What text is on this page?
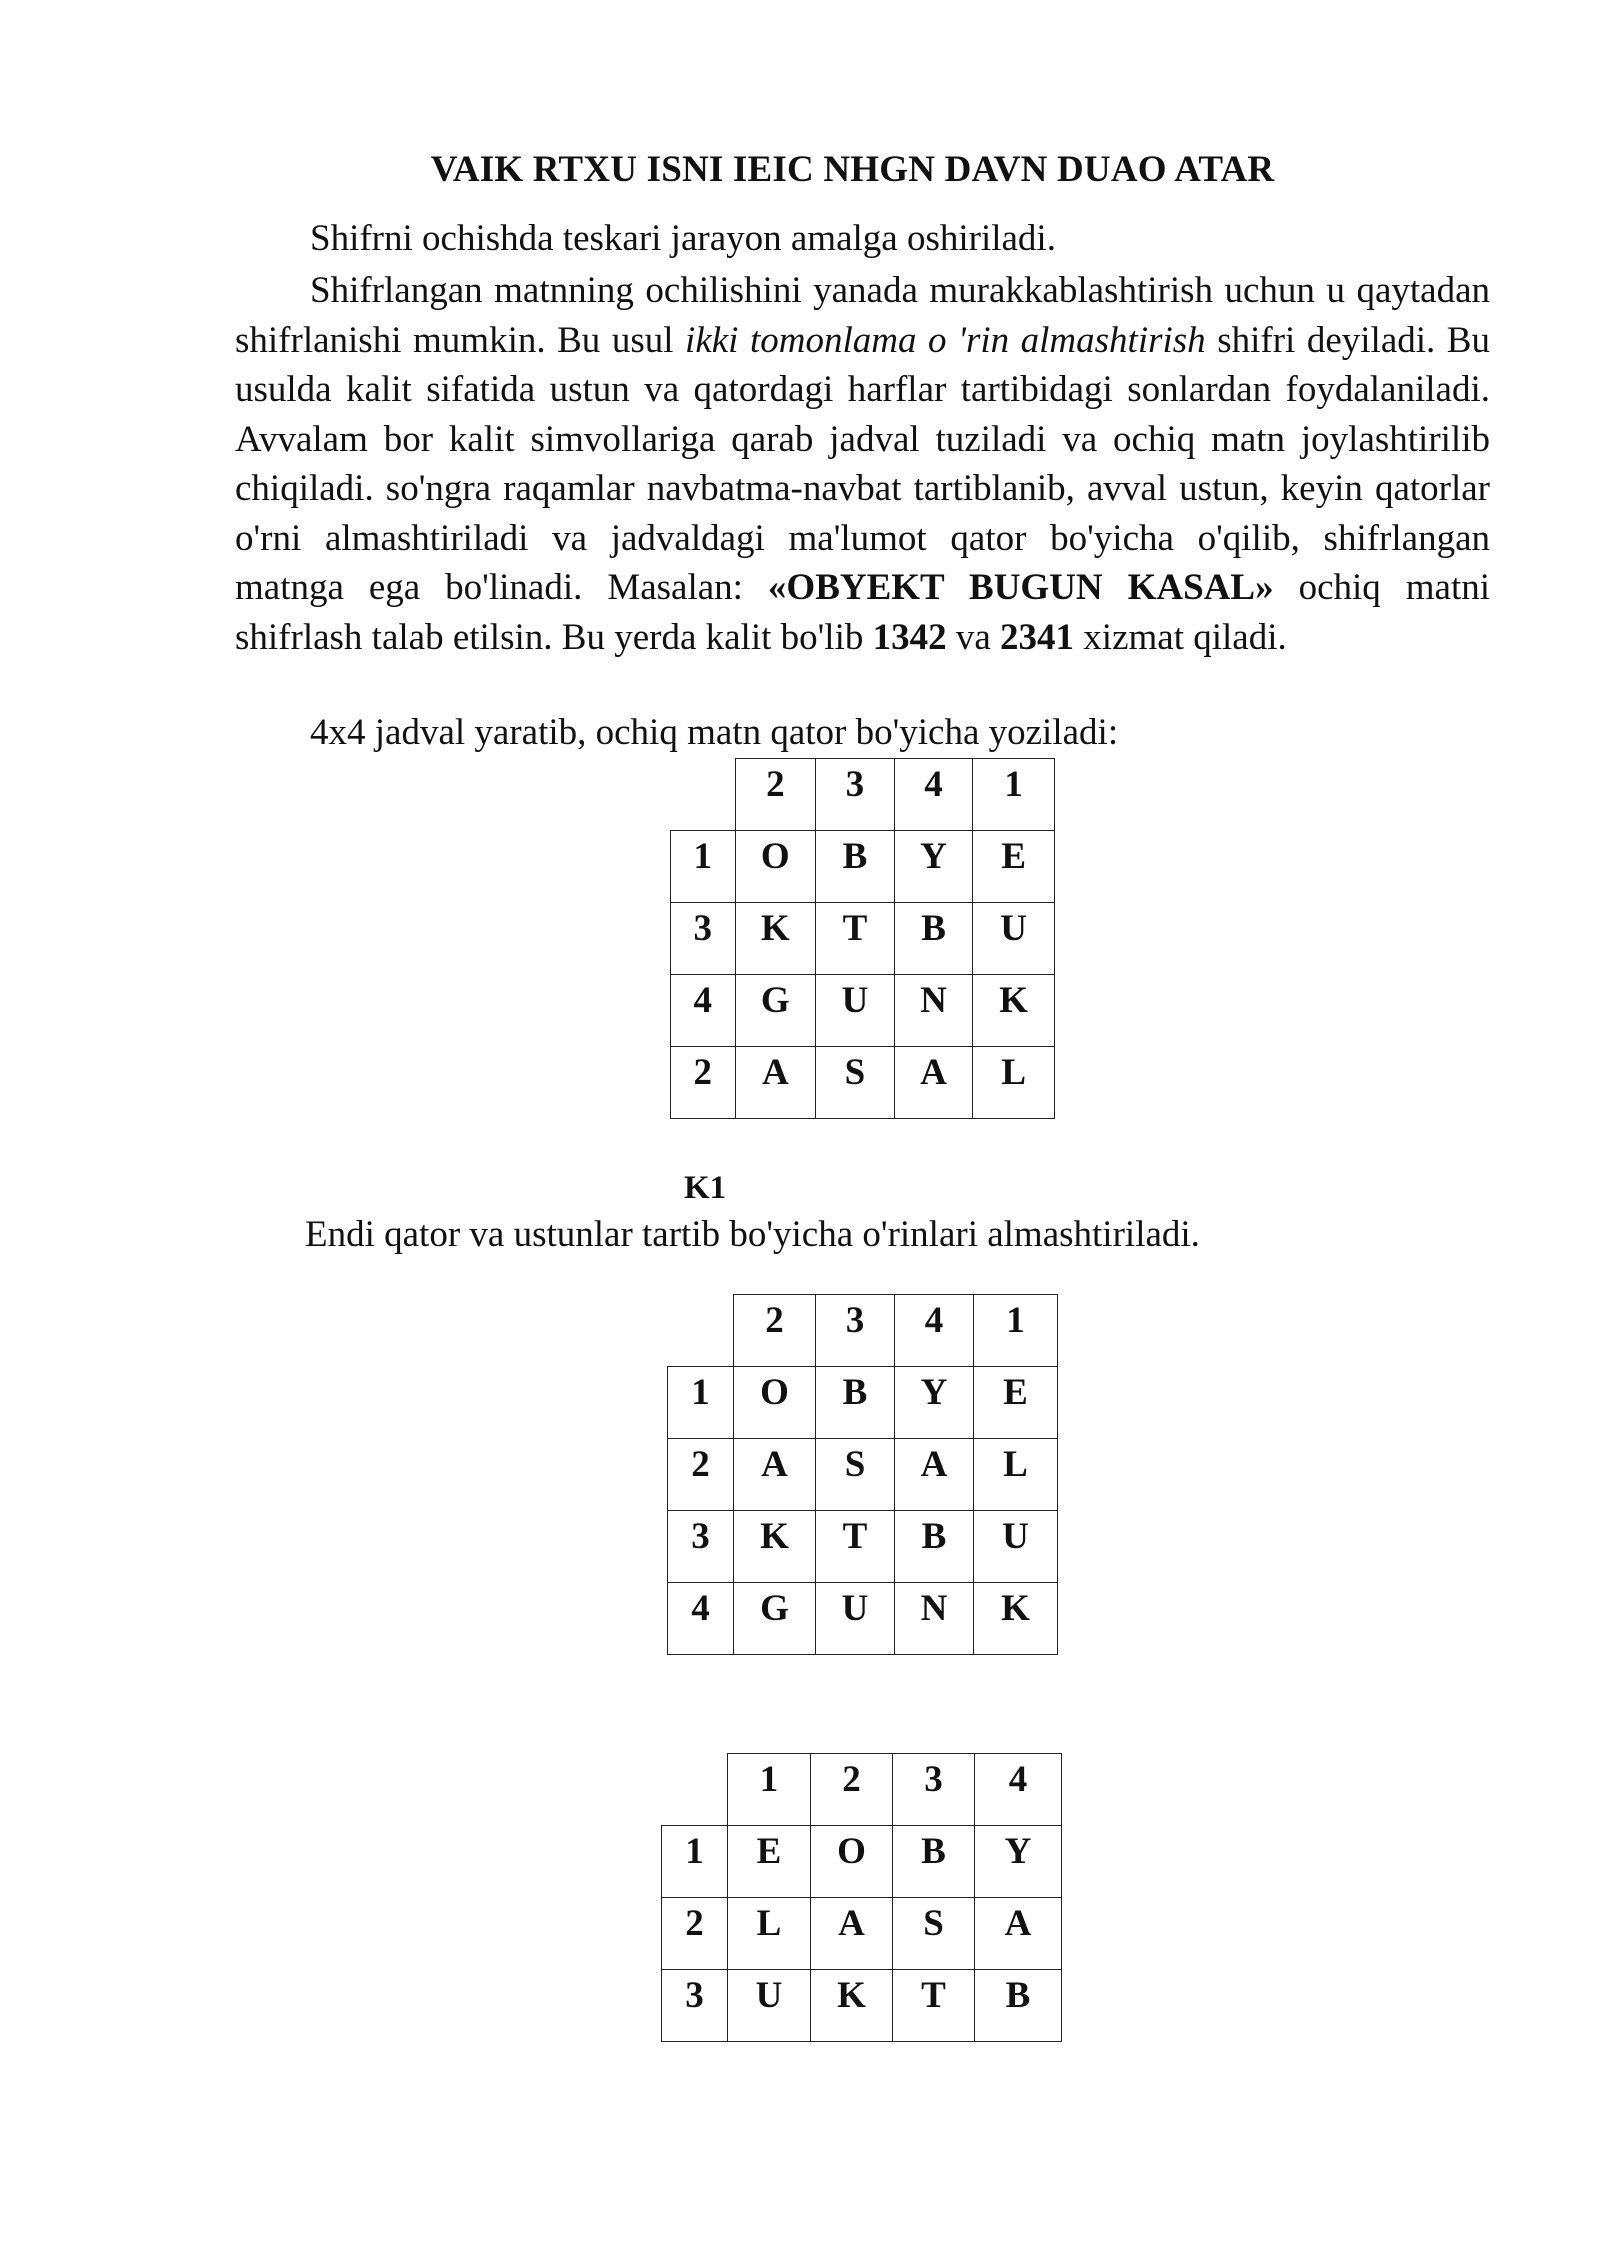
VAIK RTXU ISNI IEIC NHGN DAVN DUAO ATAR
Shifrni ochishda teskari jarayon amalga oshiriladi.
Shifrlangan matnning ochilishini yanada murakkablashtirish uchun u qaytadan shifrlanishi mumkin. Bu usul ikki tomonlama o 'rin almashtirish shifri deyiladi. Bu usulda kalit sifatida ustun va qatordagi harflar tartibidagi sonlardan foydalaniladi. Avvalam bor kalit simvollariga qarab jadval tuziladi va ochiq matn joylashtirilib chiqiladi. so'ngra raqamlar navbatma-navbat tartiblanib, avval ustun, keyin qatorlar o'rni almashtiriladi va jadvaldagi ma'lumot qator bo'yicha o'qilib, shifrlangan matnga ega bo'linadi. Masalan: «OBYEKT BUGUN KASAL» ochiq matni shifrlash talab etilsin. Bu yerda kalit bo'lib 1342 va 2341 xizmat qiladi.
4x4 jadval yaratib, ochiq matn qator bo'yicha yoziladi:
	2	3	4	1
1	O	B	Y	E
3	K	T	B	U
4	G	U	N	K
2	A	S	A	L
K1
Endi qator va ustunlar tartib bo'yicha o'rinlari almashtiriladi.
	2	3	4	1
1	O	B	Y	E
2	A	S	A	L
3	K	T	B	U
4	G	U	N	K
	1	2	3	4
1	E	O	B	Y
2	L	A	S	A
3	U	K	T	B
